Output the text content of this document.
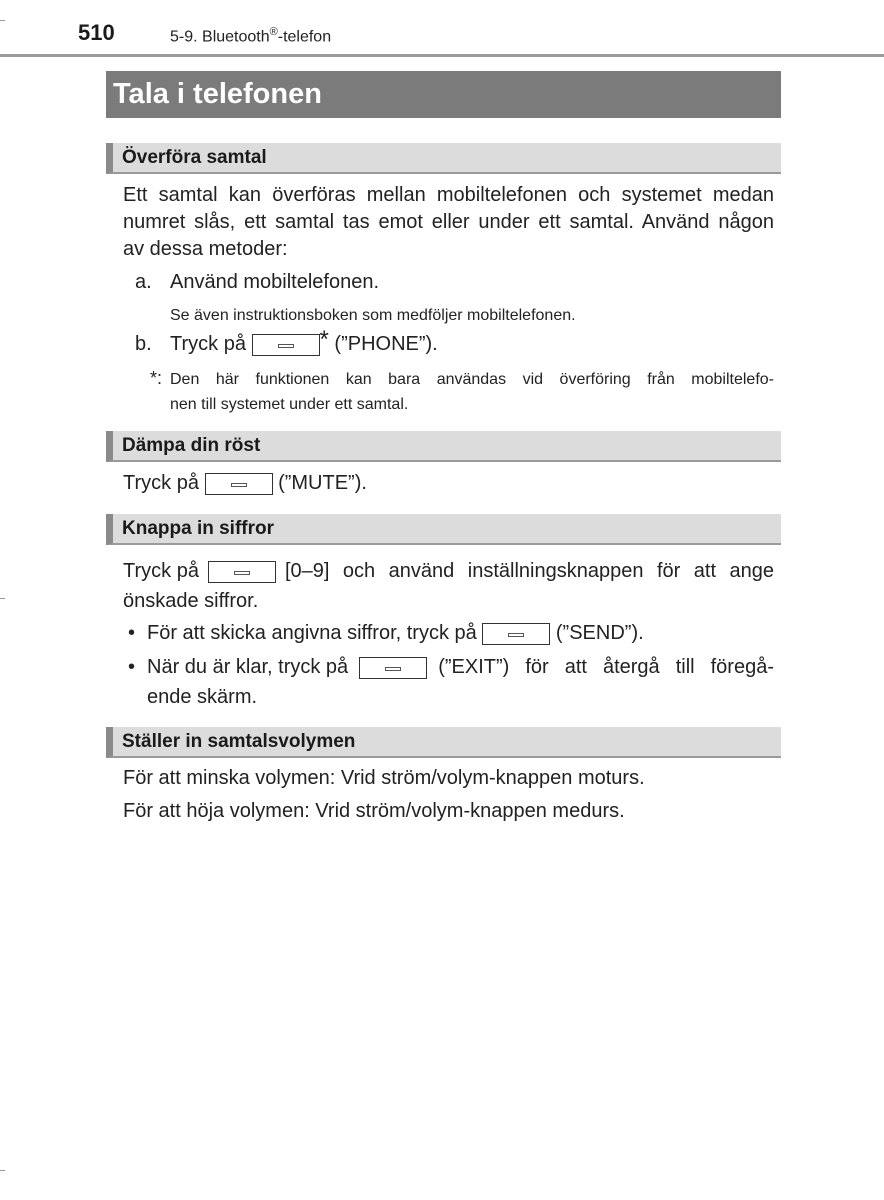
510	5-9. Bluetooth®-telefon
Tala i telefonen
Överföra samtal
Ett samtal kan överföras mellan mobiltelefonen och systemet medan
numret slås, ett samtal tas emot eller under ett samtal. Använd någon
av dessa metoder:
a. Använd mobiltelefonen.
Se även instruktionsboken som medföljer mobiltelefonen.
b. Tryck på	* (”PHONE”).
*: Den här funktionen kan bara användas vid överföring från mobiltelefo-
nen till systemet under ett samtal.
Dämpa din röst
Tryck på	(”MUTE”).
Knappa in siffror
Tryck på	[0–9] och använd inställningsknappen för att ange
önskade siffror.
• För att skicka angivna siffror, tryck på	(”SEND”).
• När du är klar, tryck på	(”EXIT”) för att återgå till föregå-
ende skärm.
Ställer in samtalsvolymen
För att minska volymen: Vrid ström/volym-knappen moturs.
För att höja volymen: Vrid ström/volym-knappen medurs.
